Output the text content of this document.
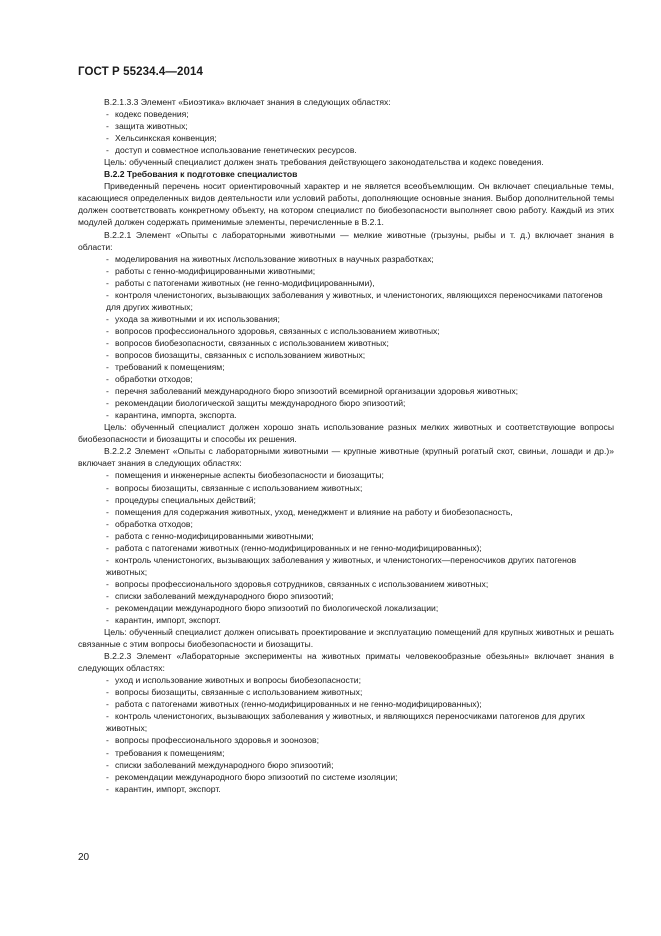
ГОСТ Р 55234.4—2014
В.2.1.3.3 Элемент «Биоэтика» включает знания в следующих областях:
- кодекс поведения;
- защита животных;
- Хельсинкская конвенция;
- доступ и совместное использование генетических ресурсов.
Цель: обученный специалист должен знать требования действующего законодательства и кодекс поведения.
В.2.2 Требования к подготовке специалистов
Приведенный перечень носит ориентировочный характер и не является всеобъемлющим. Он включает специальные темы, касающиеся определенных видов деятельности или условий работы, дополняющие основные знания. Выбор дополнительной темы должен соответствовать конкретному объекту, на котором специалист по биобезопасности выполняет свою работу. Каждый из этих модулей должен содержать применимые элементы, перечисленные в В.2.1.
В.2.2.1 Элемент «Опыты с лабораторными животными — мелкие животные (грызуны, рыбы и т. д.) включает знания в области:
- моделирования на животных /использование животных в научных разработках;
- работы с генно-модифицированными животными;
- работы с патогенами животных (не генно-модифицированными),
- контроля членистоногих, вызывающих заболевания у животных, и членистоногих, являющихся переносчиками патогенов для других животных;
- ухода за животными и их использования;
- вопросов профессионального здоровья, связанных с использованием животных;
- вопросов биобезопасности, связанных с использованием животных;
- вопросов биозащиты, связанных с использованием животных;
- требований к помещениям;
- обработки отходов;
- перечня заболеваний международного бюро эпизоотий всемирной организации здоровья животных;
- рекомендации биологической защиты международного бюро эпизоотий;
- карантина, импорта, экспорта.
Цель: обученный специалист должен хорошо знать использование разных мелких животных и соответствующие вопросы биобезопасности и биозащиты и способы их решения.
В.2.2.2 Элемент «Опыты с лабораторными животными — крупные животные (крупный рогатый скот, свиньи, лошади и др.)» включает знания в следующих областях:
- помещения и инженерные аспекты биобезопасности и биозащиты;
- вопросы биозащиты, связанные с использованием животных;
- процедуры специальных действий;
- помещения для содержания животных, уход, менеджмент и влияние на работу и биобезопасность,
- обработка отходов;
- работа с генно-модифицированными животными;
- работа с патогенами животных (генно-модифицированных и не генно-модифицированных);
- контроль членистоногих, вызывающих заболевания у животных, и членистоногих—переносчиков других патогенов животных;
- вопросы профессионального здоровья сотрудников, связанных с использованием животных;
- списки заболеваний международного бюро эпизоотий;
- рекомендации международного бюро эпизоотий по биологической локализации;
- карантин, импорт, экспорт.
Цель: обученный специалист должен описывать проектирование и эксплуатацию помещений для крупных животных и решать связанные с этим вопросы биобезопасности и биозащиты.
В.2.2.3 Элемент «Лабораторные эксперименты на животных приматы человекообразные обезьяны» включает знания в следующих областях:
- уход и использование животных и вопросы биобезопасности;
- вопросы биозащиты, связанные с использованием животных;
- работа с патогенами животных (генно-модифицированных и не генно-модифицированных);
- контроль членистоногих, вызывающих заболевания у животных, и являющихся переносчиками патогенов для других животных;
- вопросы профессионального здоровья и зоонозов;
- требования к помещениям;
- списки заболеваний международного бюро эпизоотий;
- рекомендации международного бюро эпизоотий по системе изоляции;
- карантин, импорт, экспорт.
20
